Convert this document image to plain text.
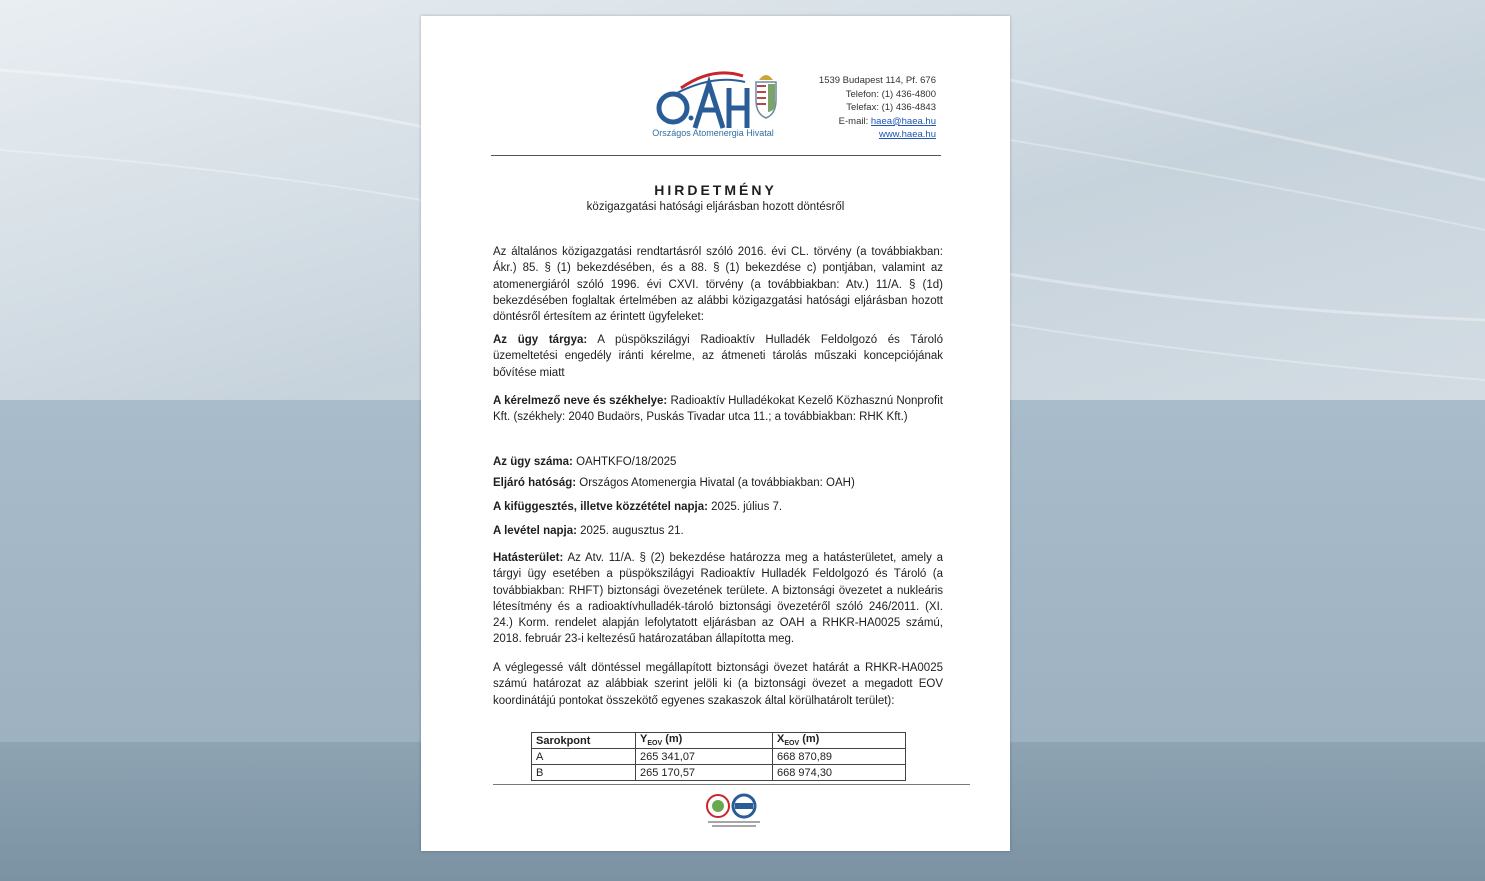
Országos Atomenergia Hivatal
1539 Budapest 114, Pf. 676
Telefon: (1) 436-4800
Telefax: (1) 436-4843
E-mail: haea@haea.hu
www.haea.hu
HIRDETMÉNY
közigazgatási hatósági eljárásban hozott döntésről
Az általános közigazgatási rendtartásról szóló 2016. évi CL. törvény (a továbbiakban: Ákr.) 85. § (1) bekezdésében, és a 88. § (1) bekezdése c) pontjában, valamint az atomenergiáról szóló 1996. évi CXVI. törvény (a továbbiakban: Atv.) 11/A. § (1d) bekezdésében foglaltak értelmében az alábbi közigazgatási hatósági eljárásban hozott döntésről értesítem az érintett ügyfeleket:
Az ügy tárgya: A püspökszilágyi Radioaktív Hulladék Feldolgozó és Tároló üzemeltetési engedély iránti kérelme, az átmeneti tárolás műszaki koncepciójának bővítése miatt
A kérelmező neve és székhelye: Radioaktív Hulladékokat Kezelő Közhasznú Nonprofit Kft. (székhely: 2040 Budaörs, Puskás Tivadar utca 11.; a továbbiakban: RHK Kft.)
Az ügy száma: OAHTKFO/18/2025
Eljáró hatóság: Országos Atomenergia Hivatal (a továbbiakban: OAH)
A kifüggesztés, illetve közzététel napja: 2025. július 7.
A levétel napja: 2025. augusztus 21.
Hatásterület: Az Atv. 11/A. § (2) bekezdése határozza meg a hatásterületet, amely a tárgyi ügy esetében a püspökszilágyi Radioaktív Hulladék Feldolgozó és Tároló (a továbbiakban: RHFT) biztonsági övezetének területe. A biztonsági övezetet a nukleáris létesítmény és a radioaktívhulladék-tároló biztonsági övezetéről szóló 246/2011. (XI. 24.) Korm. rendelet alapján lefolytatott eljárásban az OAH a RHKR-HA0025 számú, 2018. február 23-i keltezésű határozatában állapította meg.
A véglegessé vált döntéssel megállapított biztonsági övezet határát a RHKR-HA0025 számú határozat az alábbiak szerint jelöli ki (a biztonsági övezet a megadott EOV koordinátájú pontokat összekötő egyenes szakaszok által körülhatárolt terület):
Sarokpont	$Y_{EOV}$ (m)	$X_{EOV}$ (m)
A	265 341,07	668 870,89
B	265 170,57	668 974,30
